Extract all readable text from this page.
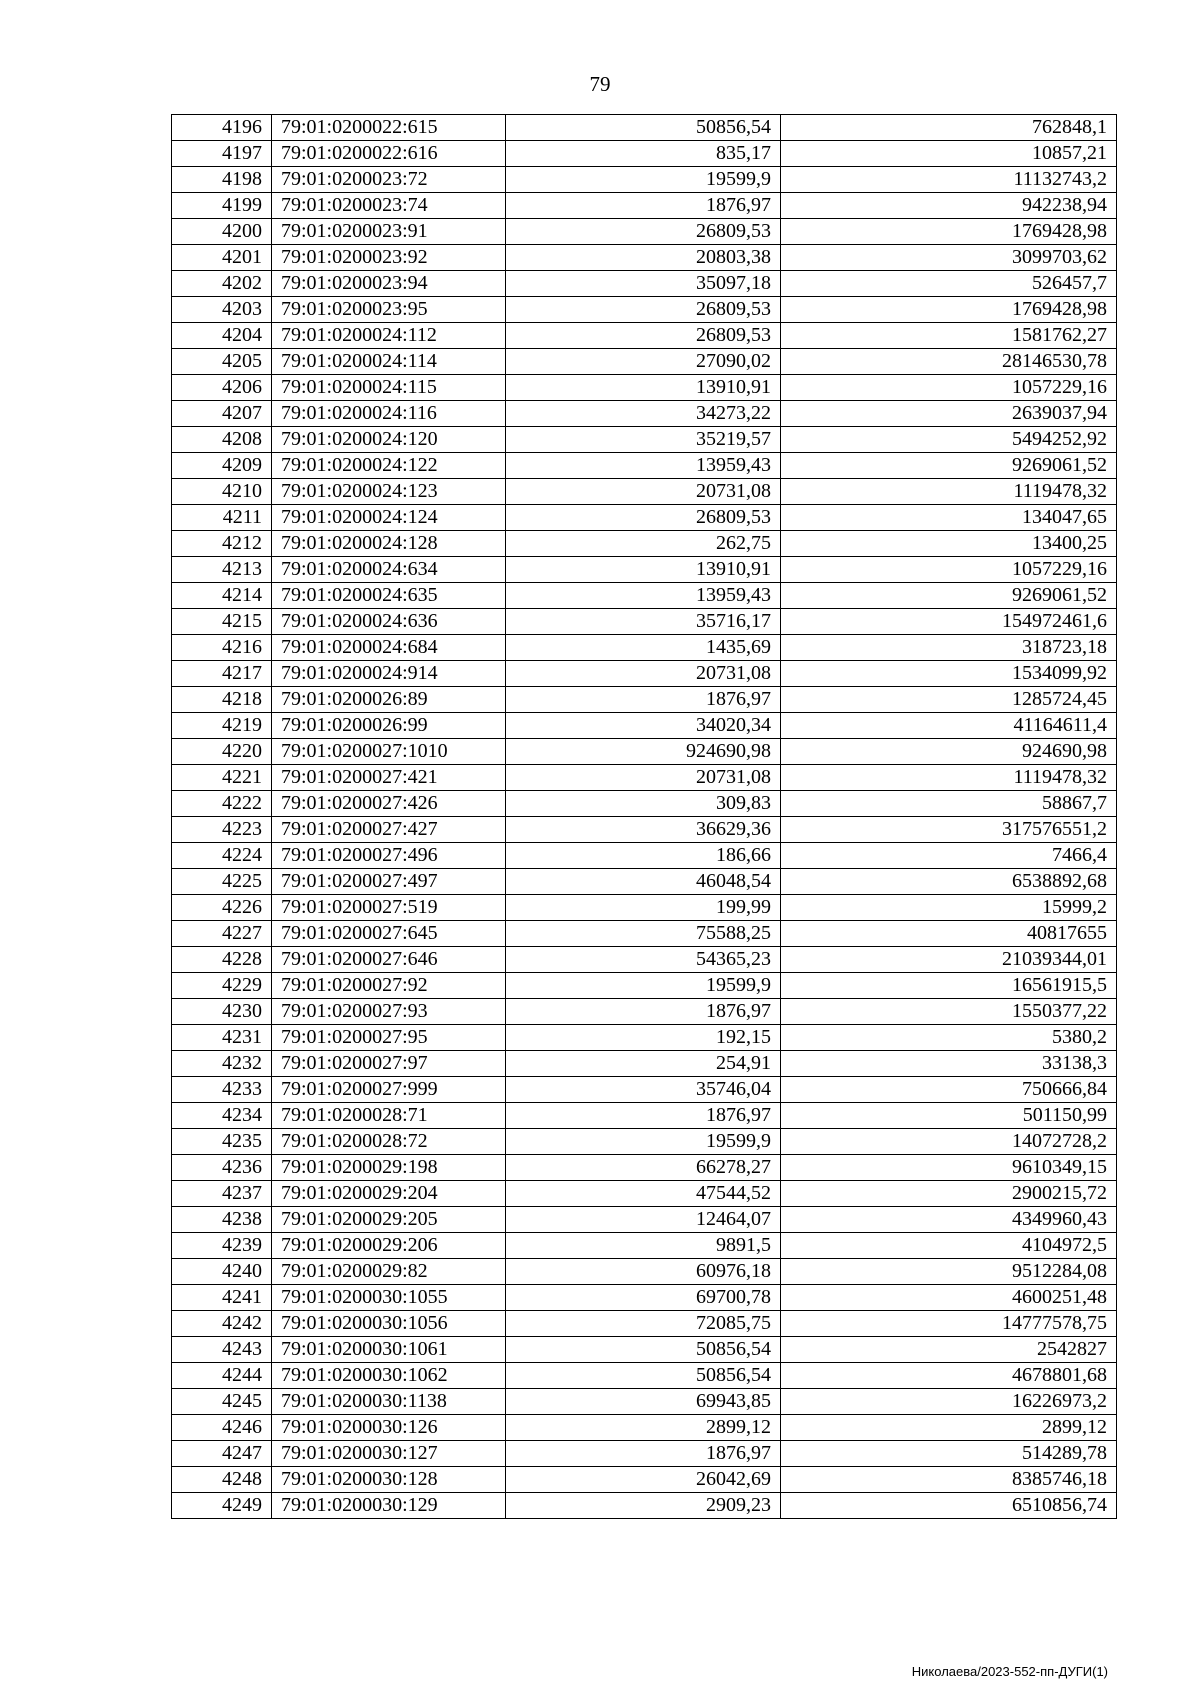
79
4196	79:01:0200022:615	50856,54	762848,1
4197	79:01:0200022:616	835,17	10857,21
4198	79:01:0200023:72	19599,9	11132743,2
4199	79:01:0200023:74	1876,97	942238,94
4200	79:01:0200023:91	26809,53	1769428,98
4201	79:01:0200023:92	20803,38	3099703,62
4202	79:01:0200023:94	35097,18	526457,7
4203	79:01:0200023:95	26809,53	1769428,98
4204	79:01:0200024:112	26809,53	1581762,27
4205	79:01:0200024:114	27090,02	28146530,78
4206	79:01:0200024:115	13910,91	1057229,16
4207	79:01:0200024:116	34273,22	2639037,94
4208	79:01:0200024:120	35219,57	5494252,92
4209	79:01:0200024:122	13959,43	9269061,52
4210	79:01:0200024:123	20731,08	1119478,32
4211	79:01:0200024:124	26809,53	134047,65
4212	79:01:0200024:128	262,75	13400,25
4213	79:01:0200024:634	13910,91	1057229,16
4214	79:01:0200024:635	13959,43	9269061,52
4215	79:01:0200024:636	35716,17	154972461,6
4216	79:01:0200024:684	1435,69	318723,18
4217	79:01:0200024:914	20731,08	1534099,92
4218	79:01:0200026:89	1876,97	1285724,45
4219	79:01:0200026:99	34020,34	41164611,4
4220	79:01:0200027:1010	924690,98	924690,98
4221	79:01:0200027:421	20731,08	1119478,32
4222	79:01:0200027:426	309,83	58867,7
4223	79:01:0200027:427	36629,36	317576551,2
4224	79:01:0200027:496	186,66	7466,4
4225	79:01:0200027:497	46048,54	6538892,68
4226	79:01:0200027:519	199,99	15999,2
4227	79:01:0200027:645	75588,25	40817655
4228	79:01:0200027:646	54365,23	21039344,01
4229	79:01:0200027:92	19599,9	16561915,5
4230	79:01:0200027:93	1876,97	1550377,22
4231	79:01:0200027:95	192,15	5380,2
4232	79:01:0200027:97	254,91	33138,3
4233	79:01:0200027:999	35746,04	750666,84
4234	79:01:0200028:71	1876,97	501150,99
4235	79:01:0200028:72	19599,9	14072728,2
4236	79:01:0200029:198	66278,27	9610349,15
4237	79:01:0200029:204	47544,52	2900215,72
4238	79:01:0200029:205	12464,07	4349960,43
4239	79:01:0200029:206	9891,5	4104972,5
4240	79:01:0200029:82	60976,18	9512284,08
4241	79:01:0200030:1055	69700,78	4600251,48
4242	79:01:0200030:1056	72085,75	14777578,75
4243	79:01:0200030:1061	50856,54	2542827
4244	79:01:0200030:1062	50856,54	4678801,68
4245	79:01:0200030:1138	69943,85	16226973,2
4246	79:01:0200030:126	2899,12	2899,12
4247	79:01:0200030:127	1876,97	514289,78
4248	79:01:0200030:128	26042,69	8385746,18
4249	79:01:0200030:129	2909,23	6510856,74
Николаева/2023-552-пп-ДУГИ(1)
